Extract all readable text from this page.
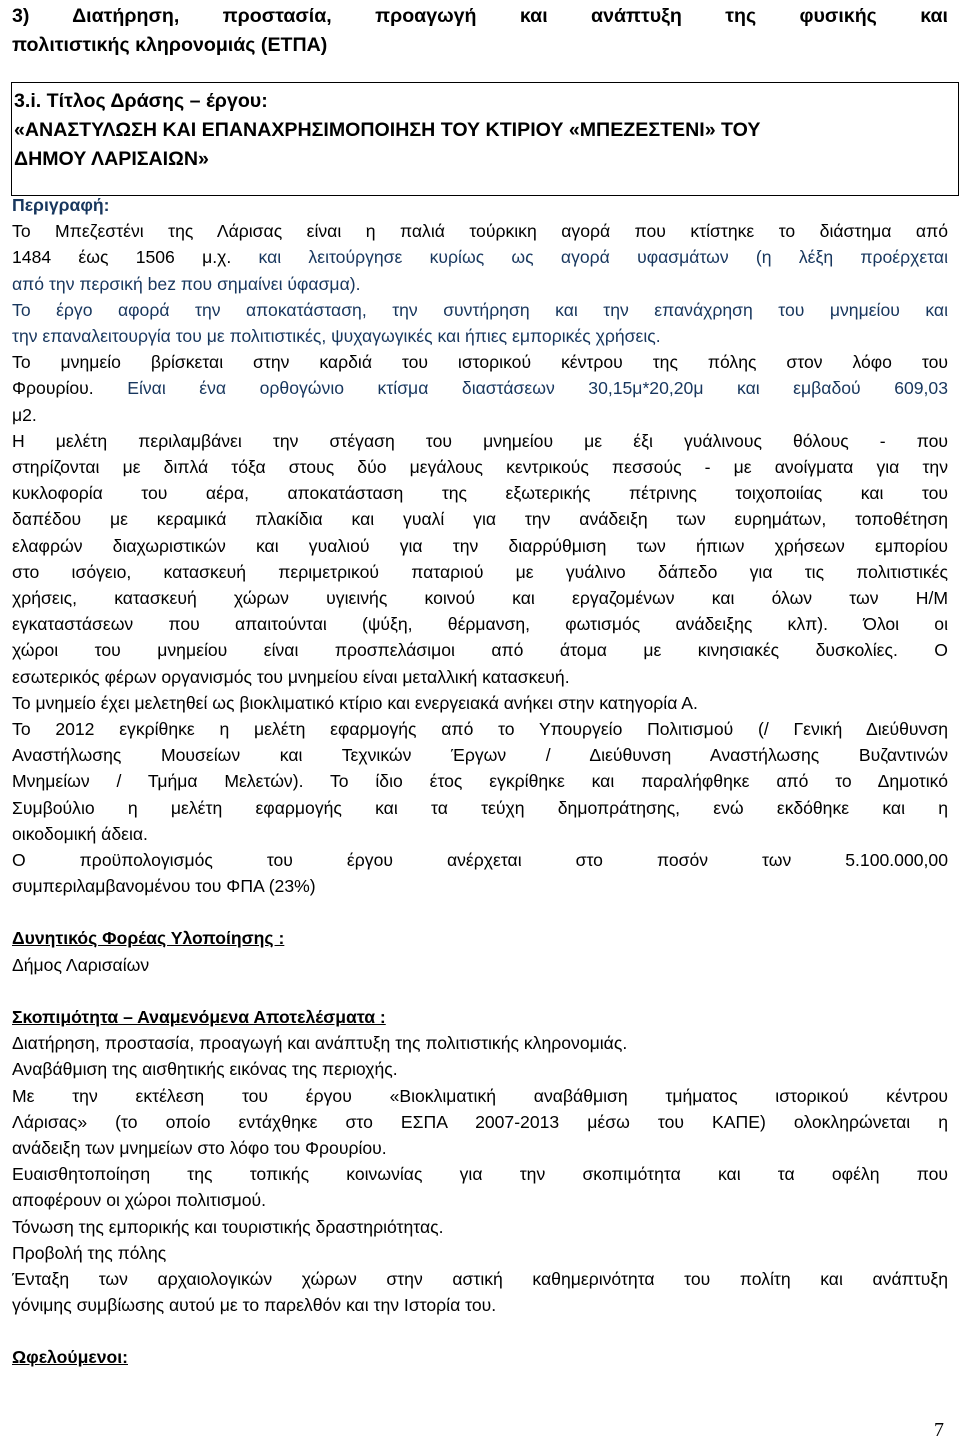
3) Διατήρηση, προστασία, προαγωγή και ανάπτυξη της φυσικής και
πολιτιστικής κληρονομιάς (ΕΤΠΑ)
3.i. Τίτλος Δράσης – έργου:
«ΑΝΑΣΤΥΛΩΣΗ ΚΑΙ ΕΠΑΝΑΧΡΗΣΙΜΟΠΟΙΗΣΗ ΤΟΥ ΚΤΙΡΙΟΥ «ΜΠΕΖΕΣΤΕΝΙ» ΤΟΥ
ΔΗΜΟΥ ΛΑΡΙΣΑΙΩΝ»
Περιγραφή:
Το Μπεζεστένι της Λάρισας είναι η παλιά τούρκικη αγορά που κτίστηκε το διάστημα από
1484 έως 1506 μ.χ. και λειτούργησε κυρίως ως αγορά υφασμάτων (η λέξη προέρχεται
από την περσική bez που σημαίνει ύφασμα).
Το έργο αφορά την αποκατάσταση, την συντήρηση και την επανάχρηση του μνημείου και
την επαναλειτουργία του με πολιτιστικές, ψυχαγωγικές και ήπιες εμπορικές χρήσεις.
Το μνημείο βρίσκεται στην καρδιά του ιστορικού κέντρου της πόλης στον λόφο του
Φρουρίου. Είναι ένα ορθογώνιο κτίσμα διαστάσεων 30,15μ*20,20μ και εμβαδού 609,03
μ2.
Η μελέτη περιλαμβάνει την στέγαση του μνημείου με έξι γυάλινους θόλους - που
στηρίζονται με διπλά τόξα στους δύο μεγάλους κεντρικούς πεσσούς - με ανοίγματα για την
κυκλοφορία του αέρα, αποκατάσταση της εξωτερικής πέτρινης τοιχοποιίας και του
δαπέδου με κεραμικά πλακίδια και γυαλί για την ανάδειξη των ευρημάτων, τοποθέτηση
ελαφρών διαχωριστικών και γυαλιού για την διαρρύθμιση των ήπιων χρήσεων εμπορίου
στο ισόγειο, κατασκευή περιμετρικού παταριού με γυάλινο δάπεδο για τις πολιτιστικές
χρήσεις, κατασκευή χώρων υγιεινής κοινού και εργαζομένων και όλων των Η/Μ
εγκαταστάσεων που απαιτούνται (ψύξη, θέρμανση, φωτισμός ανάδειξης κλπ). Όλοι οι
χώροι του μνημείου είναι προσπελάσιμοι από άτομα με κινησιακές δυσκολίες. Ο
εσωτερικός φέρων οργανισμός του μνημείου είναι μεταλλική κατασκευή.
Το μνημείο έχει μελετηθεί ως βιοκλιματικό κτίριο και ενεργειακά ανήκει στην κατηγορία Α.
Το 2012 εγκρίθηκε η μελέτη εφαρμογής από το Υπουργείο Πολιτισμού (/ Γενική Διεύθυνση
Αναστήλωσης Μουσείων και Τεχνικών Έργων / Διεύθυνση Αναστήλωσης Βυζαντινών
Μνημείων / Τμήμα Μελετών). Το ίδιο έτος εγκρίθηκε και παραλήφθηκε από το Δημοτικό
Συμβούλιο η μελέτη εφαρμογής και τα τεύχη δημοπράτησης, ενώ εκδόθηκε και η
οικοδομική άδεια.
Ο προϋπολογισμός του έργου ανέρχεται στο ποσόν των 5.100.000,00
συμπεριλαμβανομένου του ΦΠΑ (23%)
Δυνητικός Φορέας Υλοποίησης :
Δήμος Λαρισαίων
Σκοπιμότητα – Αναμενόμενα Αποτελέσματα :
Διατήρηση, προστασία, προαγωγή και ανάπτυξη της πολιτιστικής κληρονομιάς.
Αναβάθμιση της αισθητικής εικόνας της περιοχής.
Με την εκτέλεση του έργου «Βιοκλιματική αναβάθμιση τμήματος ιστορικού κέντρου
Λάρισας» (το οποίο εντάχθηκε στο ΕΣΠΑ 2007-2013 μέσω του ΚΑΠΕ) ολοκληρώνεται η
ανάδειξη των μνημείων στο λόφο του Φρουρίου.
Ευαισθητοποίηση της τοπικής κοινωνίας για την σκοπιμότητα και τα οφέλη που
αποφέρουν οι χώροι πολιτισμού.
Τόνωση της εμπορικής και τουριστικής δραστηριότητας.
Προβολή της πόλης
Ένταξη των αρχαιολογικών χώρων στην αστική καθημερινότητα του πολίτη και ανάπτυξη
γόνιμης συμβίωσης αυτού με το παρελθόν και την Ιστορία του.
Ωφελούμενοι:
7
